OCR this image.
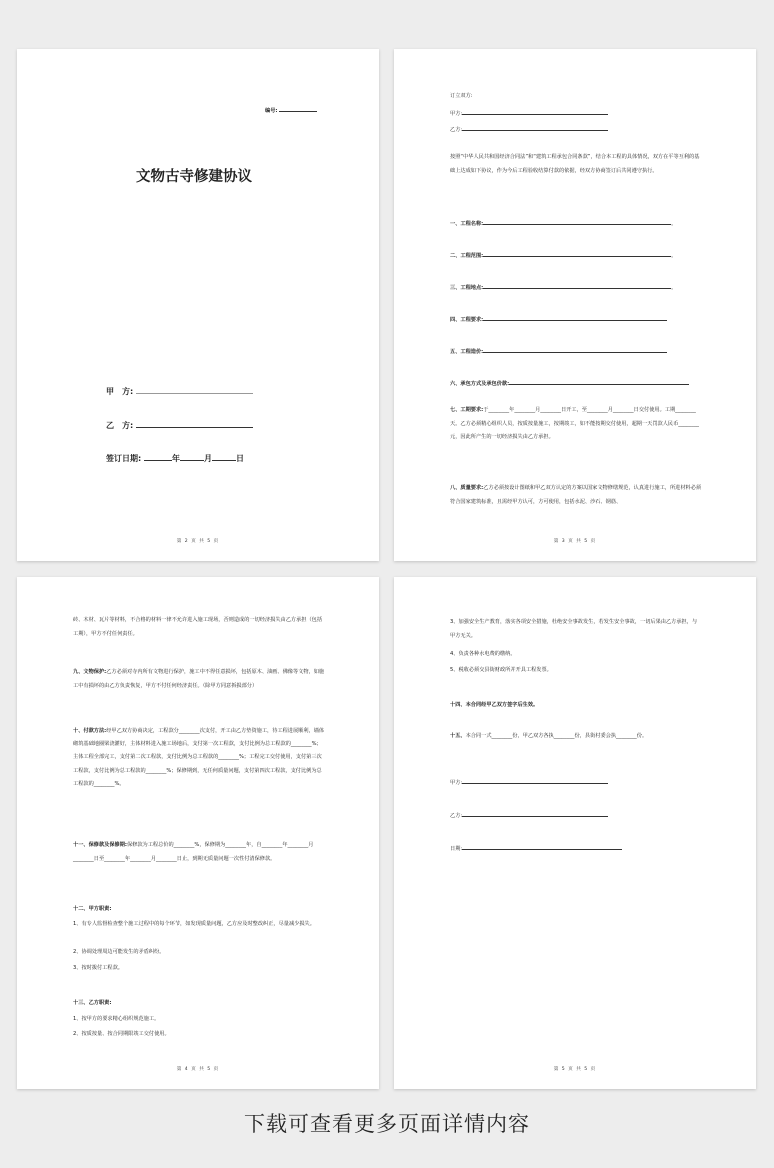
编号:
文物古寺修建协议
甲　方:
乙　方:
签订日期:	年	月	日
第 2 页 共 5 页
订立双方:
甲方:
乙方:
按照“中华人民共和国经济合同法”和“建筑工程承包合同条款”，结合本工程的具体情况，双方在平等互利的基础上达成如下协议，作为今后工程验收结算付款的依据，经双方协商签订后共同遵守执行。
一、工程名称:	。
二、工程范围:	。
三、工程地点:	。
四、工程要求:
五、工程造价:
六、承包方式及承包价款:
七、工期要求:于________年________月________日开工，至________月________日交付使用。工期________天。乙方必须精心组织人员，按质按量施工，按期竣工，如不能按期交付使用，超期一天罚款人民币________元，因此所产生的一切经济损失由乙方承担。
八、质量要求:乙方必须按设计图纸和甲乙双方认定的方案以国家文物修缮规范，认真进行施工，所进材料必须符合国家建筑标准，且需经甲方认可，方可使用，包括水泥、沙石、钢筋、
第 3 页 共 5 页
砖、木材、瓦片等材料，不合格的材料一律不允许进入施工现场，否则造成的一切经济损失由乙方承担（包括工期），甲方不付任何责任。
九、文物保护:乙方必须对寺内所有文物进行保护，施工中不得任意损坏，包括原木、油画、佛像等文物，如施工中有损坏的由乙方负责恢复，甲方不付任何经济责任。（除甲方同意拆损部分）
十、付款方法:经甲乙双方协商决定，工程款分________次支付，开工由乙方垫资施工，待工程进展顺利，墙体砌筑基础地圈梁浇灌好，主体材料进入施工场地后，支付第一次工程款，支付比例为总工程款的________%；主体工程全部完工，支付第二次工程款，支付比例为总工程款的________%；工程完工交付使用，支付第三次工程款，支付比例为总工程款的________%；保修期到，无任何质量问题，支付第四次工程款，支付比例为总工程款的________%。
十一、保修款及保修期:保修款为工程总价的________%，保修期为________年，自________年________月________日至________年________月________日止，到期无质量问题一次性付清保修款。
十二、甲方职责:
1、有专人监督检查整个施工过程中的每个环节，如发现质量问题，乙方应及时整改纠正，尽量减少损失。
2、协调处理周边可能发生的矛盾纠纷。
3、按时拨付工程款。
十三、乙方职责:
1、按甲方的要求精心组织规范施工。
2、按质按量、按合同期限竣工交付使用。
第 4 页 共 5 页
3、加强安全生产教育，落实各项安全措施，杜绝安全事故发生，若发生安全事故，一切后果由乙方承担，与甲方无关。
4、负责各种水电费的缴纳。
5、税收必须交县街财政所并开具工程发票。
十四、本合同经甲乙双方签字后生效。
十五、本合同一式________份，甲乙双方各执________份，县街村委会执________份。
甲方:
乙方:
日期:
第 5 页 共 5 页
下载可查看更多页面详情内容
